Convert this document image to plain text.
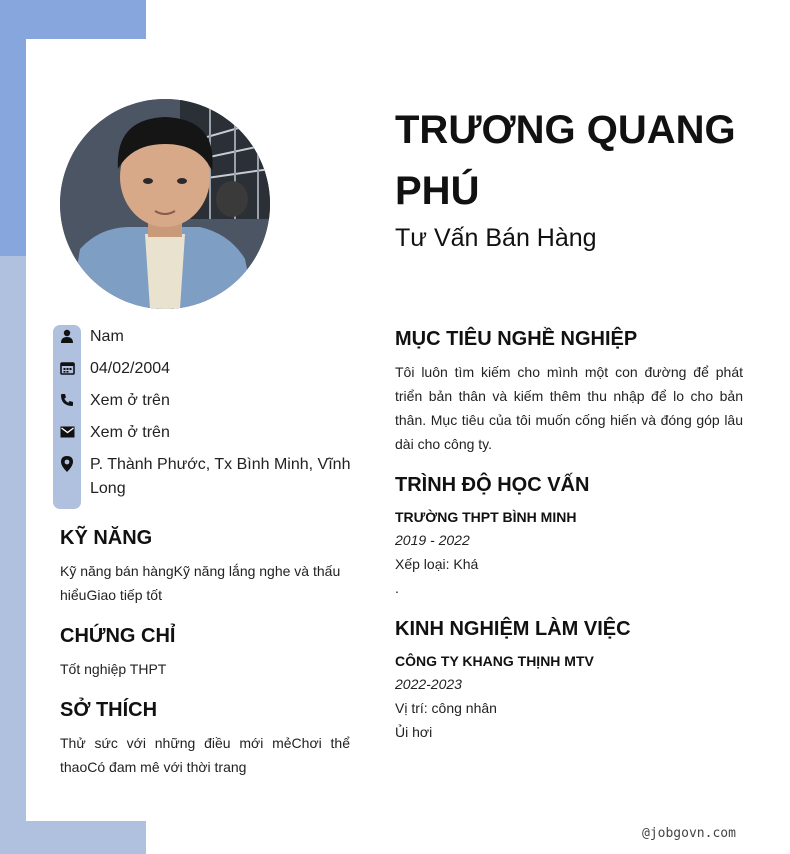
Nam
04/02/2004
Xem ở trên
Xem ở trên
P. Thành Phước, Tx Bình Minh, Vĩnh Long
KỸ NĂNG

Kỹ năng bán hàngKỹ năng lắng nghe và thấu hiểuGiao tiếp tốt

CHỨNG CHỈ

Tốt nghiệp THPT

SỞ THÍCH

Thử sức với những điều mới mẻChơi thể thaoCó đam mê với thời trang

TRƯƠNG QUANG PHÚ
Tư Vấn Bán Hàng
MỤC TIÊU NGHỀ NGHIỆP

Tôi luôn tìm kiếm cho mình một con đường để phát triển bản thân và kiếm thêm thu nhập để lo cho bản thân. Mục tiêu của tôi muốn cống hiến và đóng góp lâu dài cho công ty.

TRÌNH ĐỘ HỌC VẤN
TRƯỜNG THPT BÌNH MINH
2019 - 2022
Xếp loại: Khá
.
KINH NGHIỆM LÀM VIỆC
CÔNG TY KHANG THỊNH MTV
2022-2023
Vị trí: công nhân
Ủi hơi
@jobgovn.com
